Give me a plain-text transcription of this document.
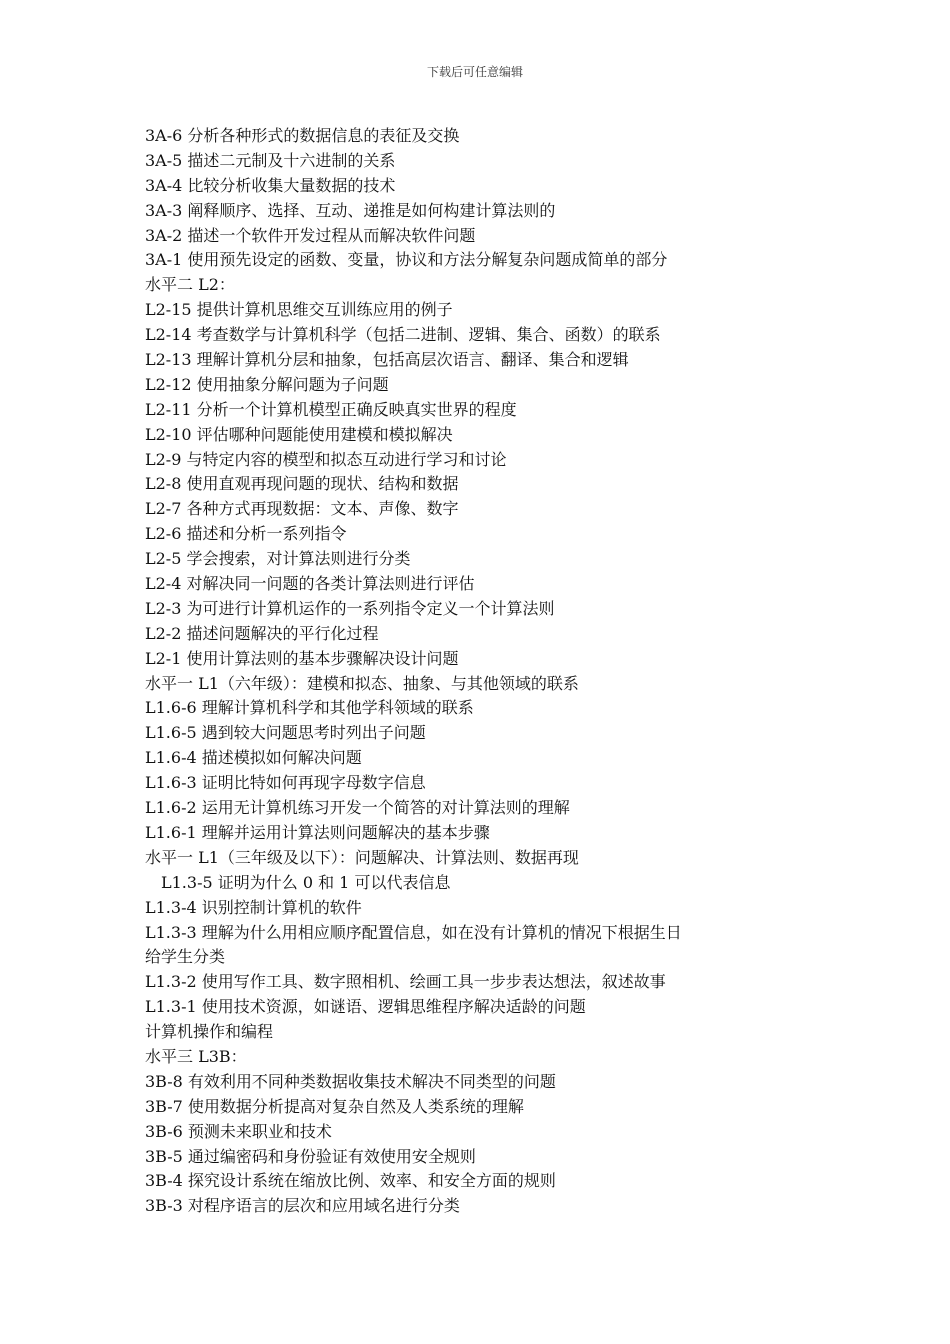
下载后可任意编辑
3A-6 分析各种形式的数据信息的表征及交换
3A-5 描述二元制及十六进制的关系
3A-4 比较分析收集大量数据的技术
3A-3 阐释顺序、选择、互动、递推是如何构建计算法则的
3A-2 描述一个软件开发过程从而解决软件问题
3A-1 使用预先设定的函数、变量，协议和方法分解复杂问题成简单的部分
水平二 L2：
L2-15 提供计算机思维交互训练应用的例子
L2-14 考查数学与计算机科学（包括二进制、逻辑、集合、函数）的联系
L2-13 理解计算机分层和抽象，包括高层次语言、翻译、集合和逻辑
L2-12 使用抽象分解问题为子问题
L2-11 分析一个计算机模型正确反映真实世界的程度
L2-10 评估哪种问题能使用建模和模拟解决
L2-9 与特定内容的模型和拟态互动进行学习和讨论
L2-8 使用直观再现问题的现状、结构和数据
L2-7 各种方式再现数据：文本、声像、数字
L2-6 描述和分析一系列指令
L2-5 学会搜索，对计算法则进行分类
L2-4 对解决同一问题的各类计算法则进行评估
L2-3 为可进行计算机运作的一系列指令定义一个计算法则
L2-2 描述问题解决的平行化过程
L2-1 使用计算法则的基本步骤解决设计问题
水平一 L1（六年级）：建模和拟态、抽象、与其他领域的联系
L1.6-6 理解计算机科学和其他学科领域的联系
L1.6-5 遇到较大问题思考时列出子问题
L1.6-4 描述模拟如何解决问题
L1.6-3 证明比特如何再现字母数字信息
L1.6-2 运用无计算机练习开发一个简答的对计算法则的理解
L1.6-1 理解并运用计算法则问题解决的基本步骤
水平一 L1（三年级及以下）：问题解决、计算法则、数据再现
L1.3-5 证明为什么 0 和 1 可以代表信息
L1.3-4 识别控制计算机的软件
L1.3-3 理解为什么用相应顺序配置信息，如在没有计算机的情况下根据生日
给学生分类
L1.3-2 使用写作工具、数字照相机、绘画工具一步步表达想法，叙述故事
L1.3-1 使用技术资源，如谜语、逻辑思维程序解决适龄的问题
计算机操作和编程
水平三 L3B：
3B-8 有效利用不同种类数据收集技术解决不同类型的问题
3B-7 使用数据分析提高对复杂自然及人类系统的理解
3B-6 预测未来职业和技术
3B-5 通过编密码和身份验证有效使用安全规则
3B-4 探究设计系统在缩放比例、效率、和安全方面的规则
3B-3 对程序语言的层次和应用域名进行分类
